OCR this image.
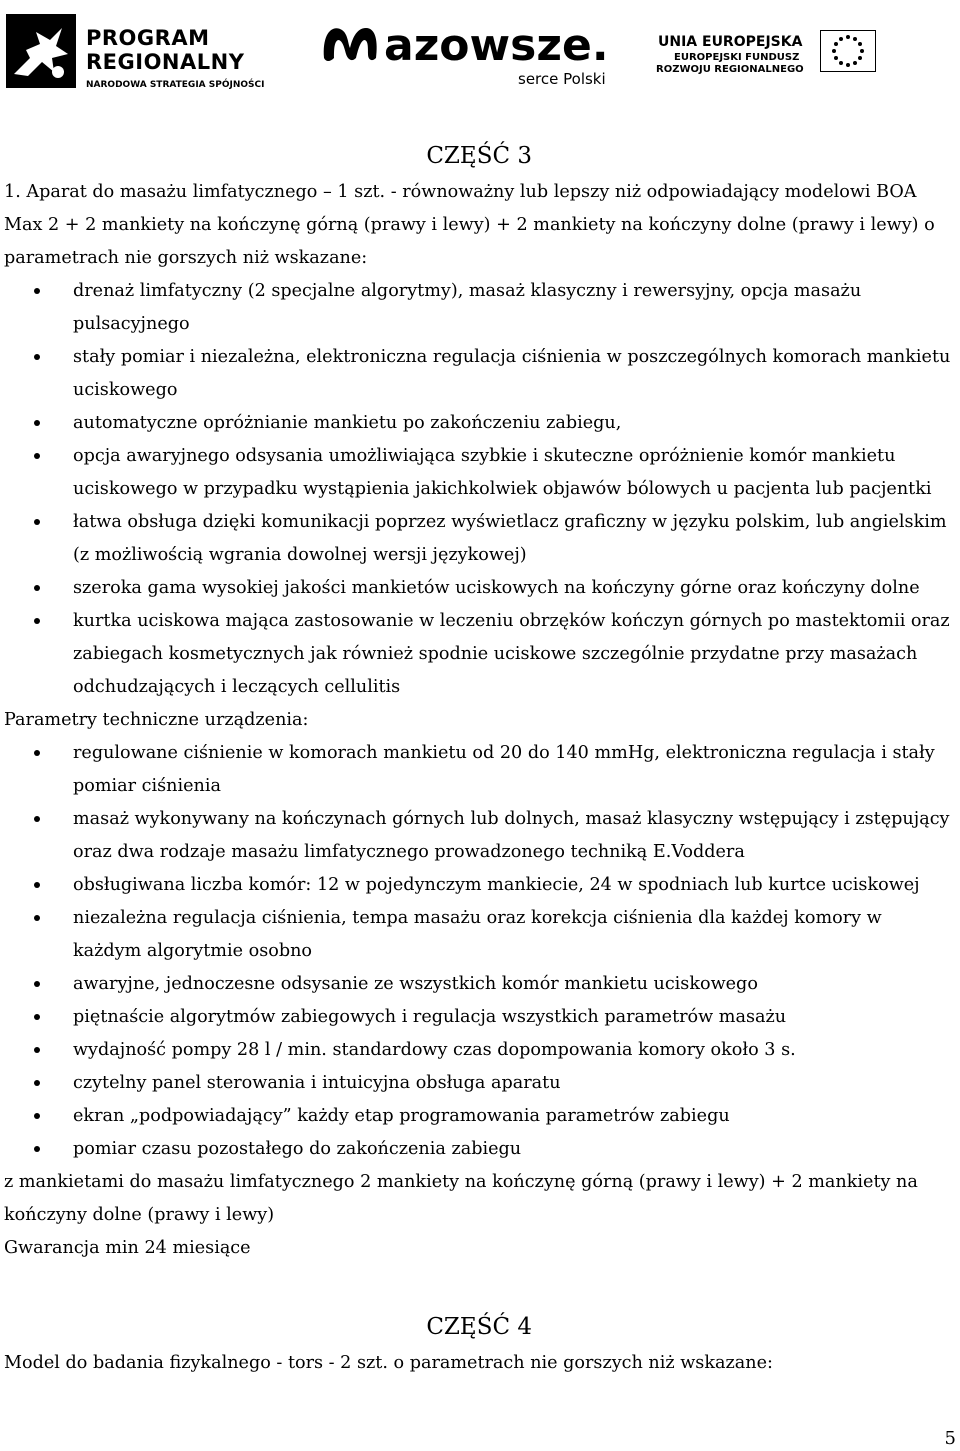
PROGRAM
REGIONALNY
NARODOWA STRATEGIA SPÓJNOŚCI
azowsze.
serce Polski
UNIA EUROPEJSKA
EUROPEJSKI FUNDUSZ
ROZWOJU REGIONALNEGO
CZĘŚĆ 3

1. Aparat do masażu limfatycznego – 1 szt. - równoważny lub lepszy niż odpowiadający modelowi BOA Max 2 + 2 mankiety na kończynę górną (prawy i lewy) + 2 mankiety na kończyny dolne (prawy i lewy) o parametrach nie gorszych niż wskazane:

drenaż limfatyczny (2 specjalne algorytmy), masaż klasyczny i rewersyjny, opcja masażu pulsacyjnego
stały pomiar i niezależna, elektroniczna regulacja ciśnienia w poszczególnych komorach mankietu uciskowego
automatyczne opróżnianie mankietu po zakończeniu zabiegu,
opcja awaryjnego odsysania umożliwiająca szybkie i skuteczne opróżnienie komór mankietu uciskowego w przypadku wystąpienia jakichkolwiek objawów bólowych u pacjenta lub pacjentki
łatwa obsługa dzięki komunikacji poprzez wyświetlacz graficzny w języku polskim, lub angielskim (z możliwością wgrania dowolnej wersji językowej)
szeroka gama wysokiej jakości mankietów uciskowych na kończyny górne oraz kończyny dolne
kurtka uciskowa mająca zastosowanie w leczeniu obrzęków kończyn górnych po mastektomii oraz zabiegach kosmetycznych jak również spodnie uciskowe szczególnie przydatne przy masażach odchudzających i leczących cellulitis

Parametry techniczne urządzenia:

regulowane ciśnienie w komorach mankietu od 20 do 140 mmHg, elektroniczna regulacja i stały pomiar ciśnienia
masaż wykonywany na kończynach górnych lub dolnych, masaż klasyczny wstępujący i zstępujący oraz dwa rodzaje masażu limfatycznego prowadzonego techniką E.Voddera
obsługiwana liczba komór: 12 w pojedynczym mankiecie, 24 w spodniach lub kurtce uciskowej
niezależna regulacja ciśnienia, tempa masażu oraz korekcja ciśnienia dla każdej komory w każdym algorytmie osobno
awaryjne, jednoczesne odsysanie ze wszystkich komór mankietu uciskowego
piętnaście algorytmów zabiegowych i regulacja wszystkich parametrów masażu
wydajność pompy 28 l / min. standardowy czas dopompowania komory około 3 s.
czytelny panel sterowania i intuicyjna obsługa aparatu
ekran „podpowiadający” każdy etap programowania parametrów zabiegu
pomiar czasu pozostałego do zakończenia zabiegu

z mankietami do masażu limfatycznego 2 mankiety na kończynę górną (prawy i lewy) + 2 mankiety na kończyny dolne (prawy i lewy)

Gwarancja min 24 miesiące

CZĘŚĆ 4

Model do badania fizykalnego - tors - 2 szt. o parametrach nie gorszych niż wskazane:

5
